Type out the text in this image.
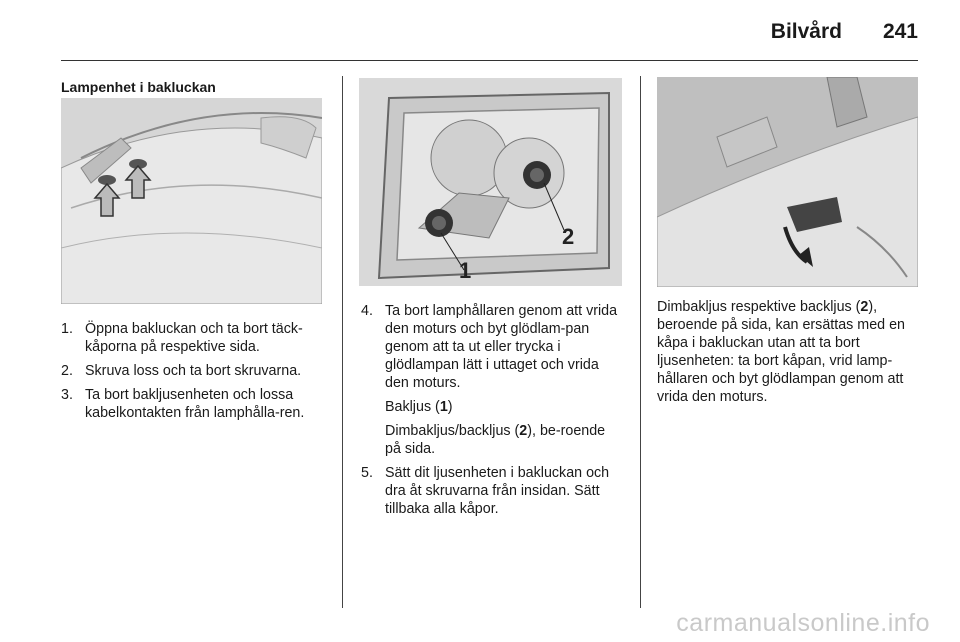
Bilvård 241
Lampenhet i bakluckan
1. Öppna bakluckan och ta bort täck-kåporna på respektive sida.
2. Skruva loss och ta bort skruvarna.
3. Ta bort bakljusenheten och lossa kabelkontakten från lamphålla-ren.
1
2
4. Ta bort lamphållaren genom att vrida den moturs och byt glödlam-pan genom att ta ut eller trycka i glödlampan lätt i uttaget och vrida den moturs.

Bakljus (1)

Dimbakljus/backljus (2), be-roende på sida.

5. Sätt dit ljusenheten i bakluckan och dra åt skruvarna från insidan. Sätt tillbaka alla kåpor.

Dimbakljus respektive backljus (2), beroende på sida, kan ersättas med en kåpa i bakluckan utan att ta bort ljusenheten: ta bort kåpan, vrid lamp-hållaren och byt glödlampan genom att vrida den moturs.

carmanualsonline.info
